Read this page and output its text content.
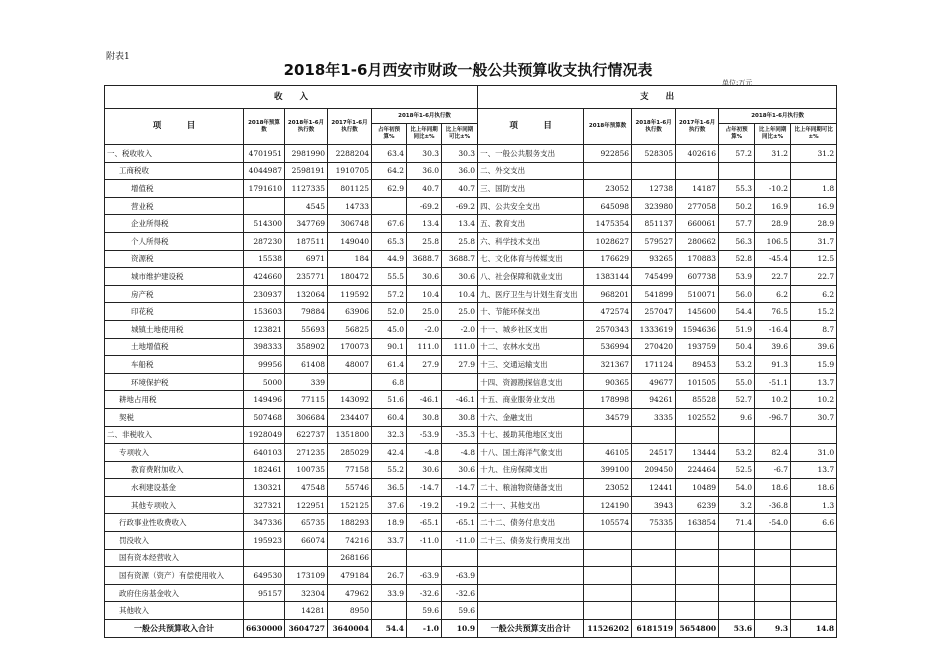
附表1
2018年1-6月西安市财政一般公共预算收支执行情况表
单位:万元
收　　入							支　　出						
项　　　目	2018年预算数	2018年1-6月执行数	2017年1-6月执行数	2018年1-6月执行数			项　　　目	2018年预算数	2018年1-6月执行数	2017年1-6月执行数	2018年1-6月执行数		
				占年初预算%	比上年同期同比±%	比上年同期可比±%					占年初预算%	比上年同期同比±%	比上年同期可比±%
一、税收收入	4701951	2981990	2288204	63.4	30.3	30.3	一、一般公共服务支出	922856	528305	402616	57.2	31.2	31.2
工商税收	4044987	2598191	1910705	64.2	36.0	36.0	二、外交支出						
增值税	1791610	1127335	801125	62.9	40.7	40.7	三、国防支出	23052	12738	14187	55.3	-10.2	1.8
营业税		4545	14733		-69.2	-69.2	四、公共安全支出	645098	323980	277058	50.2	16.9	16.9
企业所得税	514300	347769	306748	67.6	13.4	13.4	五、教育支出	1475354	851137	660061	57.7	28.9	28.9
个人所得税	287230	187511	149040	65.3	25.8	25.8	六、科学技术支出	1028627	579527	280662	56.3	106.5	31.7
资源税	15538	6971	184	44.9	3688.7	3688.7	七、文化体育与传媒支出	176629	93265	170883	52.8	-45.4	12.5
城市维护建设税	424660	235771	180472	55.5	30.6	30.6	八、社会保障和就业支出	1383144	745499	607738	53.9	22.7	22.7
房产税	230937	132064	119592	57.2	10.4	10.4	九、医疗卫生与计划生育支出	968201	541899	510071	56.0	6.2	6.2
印花税	153603	79884	63906	52.0	25.0	25.0	十、节能环保支出	472574	257047	145600	54.4	76.5	15.2
城镇土地使用税	123821	55693	56825	45.0	-2.0	-2.0	十一、城乡社区支出	2570343	1333619	1594636	51.9	-16.4	8.7
土地增值税	398333	358902	170073	90.1	111.0	111.0	十二、农林水支出	536994	270420	193759	50.4	39.6	39.6
车船税	99956	61408	48007	61.4	27.9	27.9	十三、交通运输支出	321367	171124	89453	53.2	91.3	15.9
环境保护税	5000	339		6.8			十四、资源勘探信息支出	90365	49677	101505	55.0	-51.1	13.7
耕地占用税	149496	77115	143092	51.6	-46.1	-46.1	十五、商业服务业支出	178998	94261	85528	52.7	10.2	10.2
契税	507468	306684	234407	60.4	30.8	30.8	十六、金融支出	34579	3335	102552	9.6	-96.7	30.7
二、非税收入	1928049	622737	1351800	32.3	-53.9	-35.3	十七、援助其他地区支出						
专项收入	640103	271235	285029	42.4	-4.8	-4.8	十八、国土海洋气象支出	46105	24517	13444	53.2	82.4	31.0
教育费附加收入	182461	100735	77158	55.2	30.6	30.6	十九、住房保障支出	399100	209450	224464	52.5	-6.7	13.7
水利建设基金	130321	47548	55746	36.5	-14.7	-14.7	二十、粮油物资储备支出	23052	12441	10489	54.0	18.6	18.6
其他专项收入	327321	122951	152125	37.6	-19.2	-19.2	二十一、其他支出	124190	3943	6239	3.2	-36.8	1.3
行政事业性收费收入	347336	65735	188293	18.9	-65.1	-65.1	二十二、债务付息支出	105574	75335	163854	71.4	-54.0	6.6
罚没收入	195923	66074	74216	33.7	-11.0	-11.0	二十三、债务发行费用支出						
国有资本经营收入			268166										
国有资源（资产）有偿使用收入	649530	173109	479184	26.7	-63.9	-63.9							
政府住房基金收入	95157	32304	47962	33.9	-32.6	-32.6							
其他收入		14281	8950		59.6	59.6							
一般公共预算收入合计	6630000	3604727	3640004	54.4	-1.0	10.9	一般公共预算支出合计	11526202	6181519	5654800	53.6	9.3	14.8
